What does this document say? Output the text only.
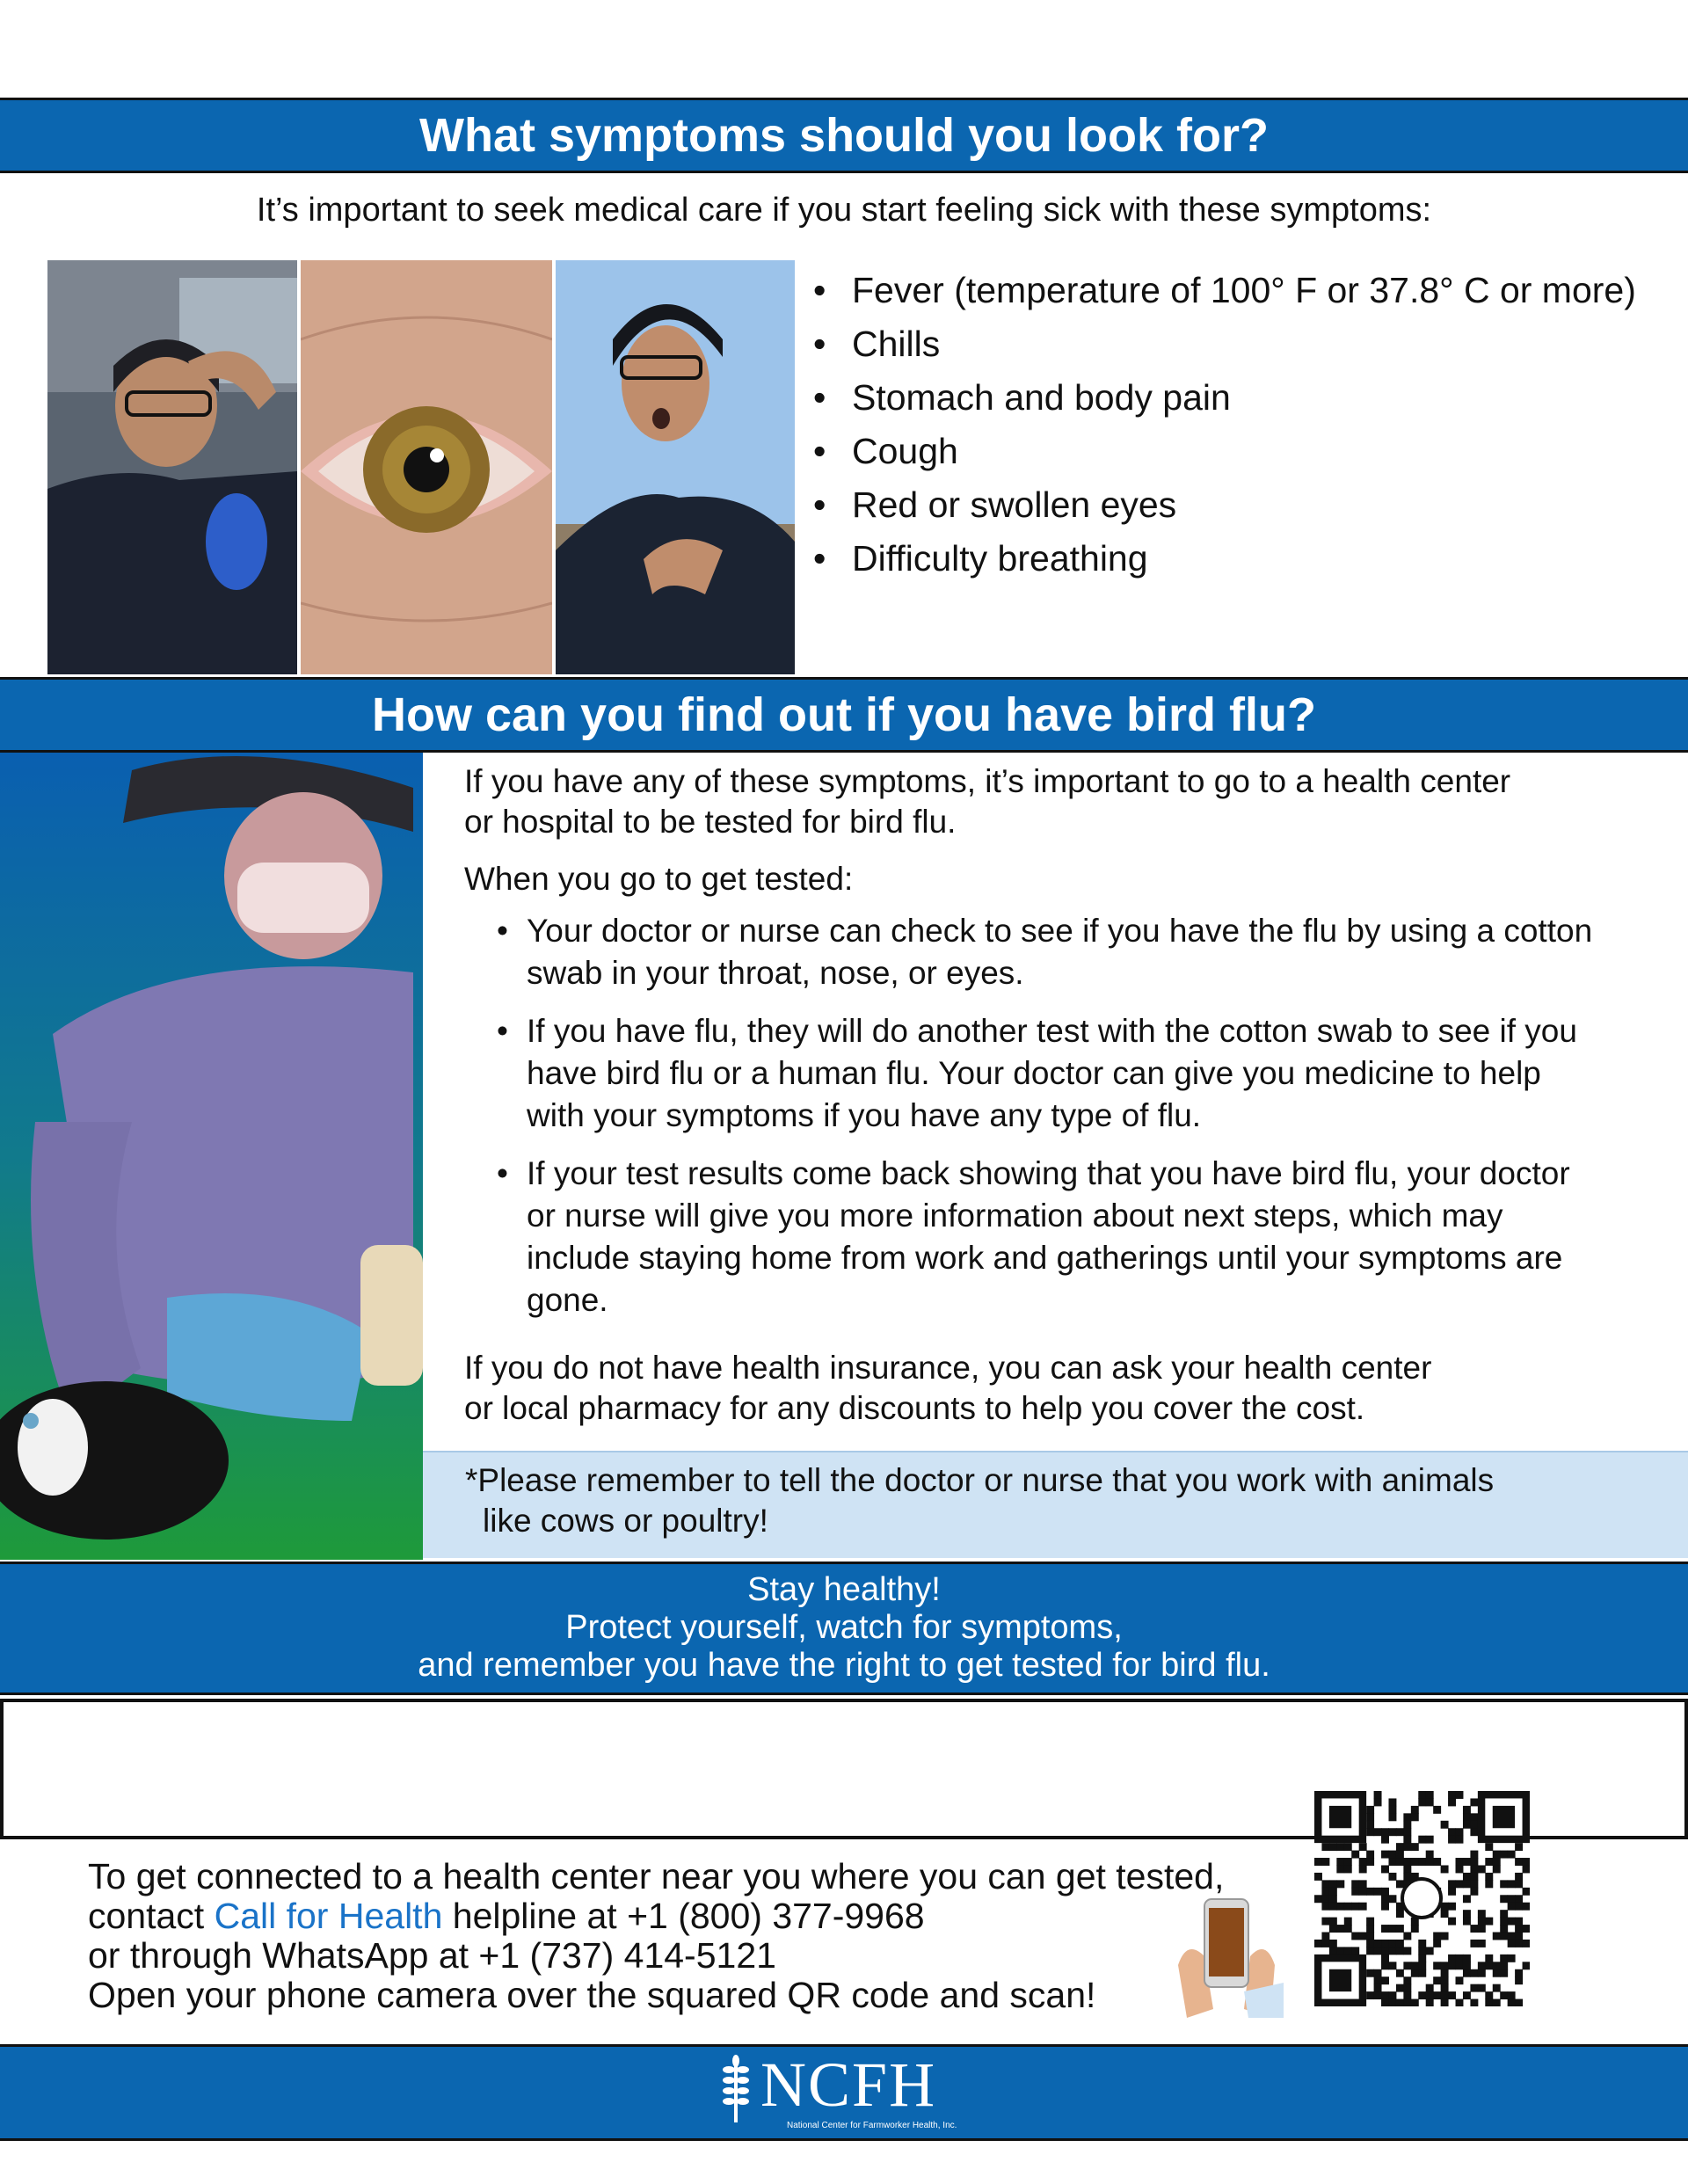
What symptoms should you look for?
It’s important to seek medical care if you start feeling sick with these symptoms:
• Fever (temperature of 100° F or 37.8° C or more)
• Chills
• Stomach and body pain
• Cough
• Red or swollen eyes
• Difficulty breathing
How can you find out if you have bird flu?
If you have any of these symptoms, it’s important to go to a health center
or hospital to be tested for bird flu.
When you go to get tested:
• Your doctor or nurse can check to see if you have the flu by using a cotton swab in your throat, nose, or eyes.
• If you have flu, they will do another test with the cotton swab to see if you have bird flu or a human flu. Your doctor can give you medicine to help with your symptoms if you have any type of flu.
• If your test results come back showing that you have bird flu, your doctor or nurse will give you more information about next steps, which may include staying home from work and gatherings until your symptoms are gone.
If you do not have health insurance, you can ask your health center
or local pharmacy for any discounts to help you cover the cost.
*Please remember to tell the doctor or nurse that you work with animals
like cows or poultry!
Stay healthy!
Protect yourself, watch for symptoms,
and remember you have the right to get tested for bird flu.
To get connected to a health center near you where you can get tested,
contact Call for Health helpline at +1 (800) 377-9968
or through WhatsApp at +1 (737) 414-5121
Open your phone camera over the squared QR code and scan!
NCFH
National Center for Farmworker Health, Inc.
